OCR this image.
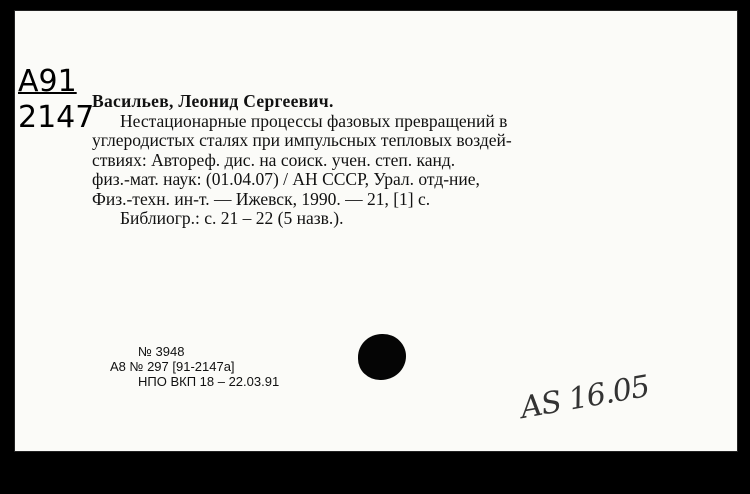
А91
2147
Васильев, Леонид Сергеевич.
Нестационарные процессы фазовых превращений в
углеродистых сталях при импульсных тепловых воздей-
ствиях: Автореф. дис. на соиск. учен. степ. канд.
физ.-мат. наук: (01.04.07) / АН СССР, Урал. отд-ние,
Физ.-техн. ин-т. — Ижевск, 1990. — 21, [1] с.
Библиогр.: с. 21 – 22 (5 назв.).
№ 3948
А8 № 297 [91-2147а]
НПО ВКП 18 – 22.03.91	AS 16.05
